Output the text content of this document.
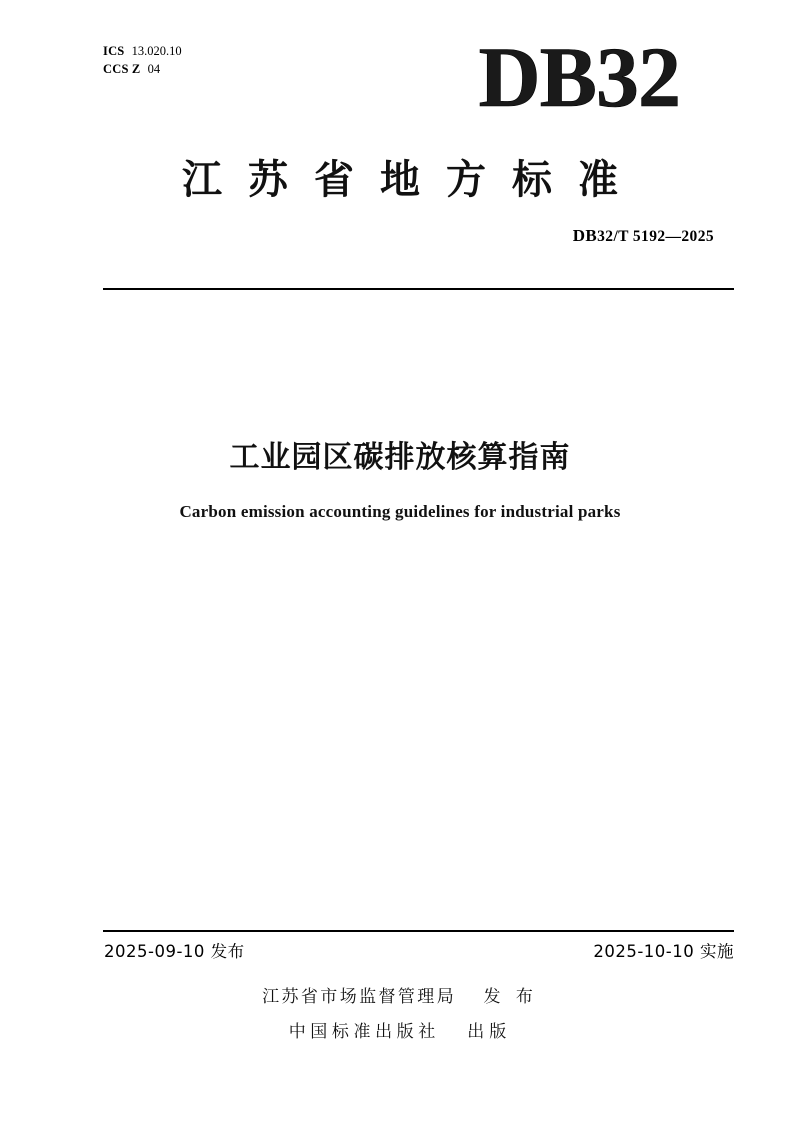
ICS 13.020.10
CCS Z 04	DB32
江苏省地方标准
DB32/T 5192—2025
工业园区碳排放核算指南
Carbon emission accounting guidelines for industrial parks
2025-09-10 发布	2025-10-10 实施
江苏省市场监督管理局 发 布
中国标准出版社 出版
